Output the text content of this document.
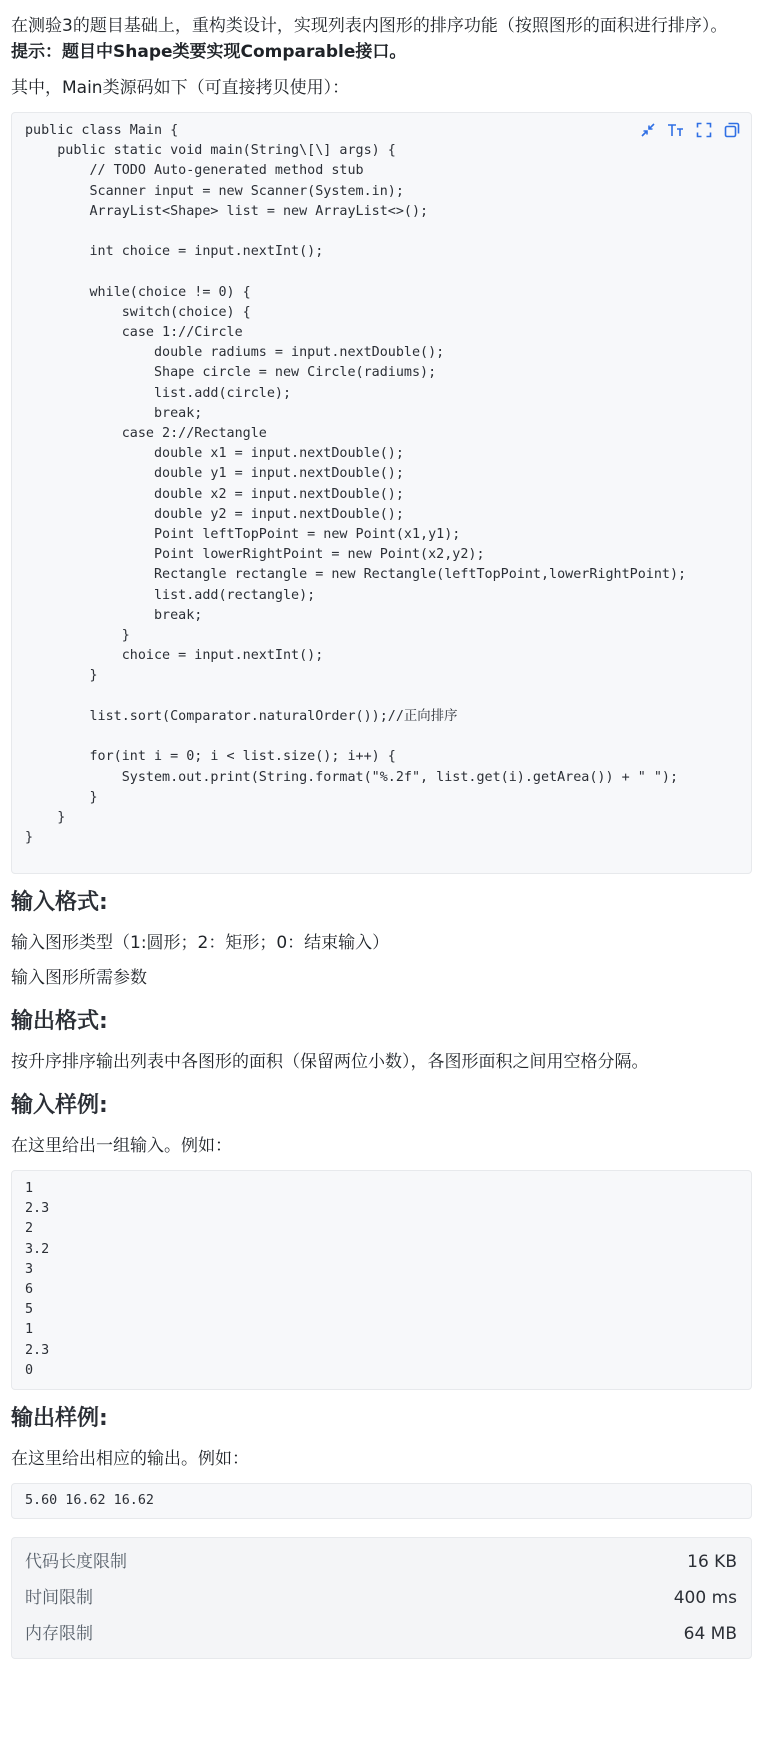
在测验3的题目基础上，重构类设计，实现列表内图形的排序功能（按照图形的面积进行排序）。

提示：题目中Shape类要实现Comparable接口。

其中，Main类源码如下（可直接拷贝使用）：

public class Main {
public static void main(String\[\] args) {
// TODO Auto-generated method stub
Scanner input = new Scanner(System.in);
ArrayList<Shape> list = new ArrayList<>();

int choice = input.nextInt();

while(choice != 0) {
switch(choice) {
case 1://Circle
double radiums = input.nextDouble();
Shape circle = new Circle(radiums);
list.add(circle);
break;
case 2://Rectangle
double x1 = input.nextDouble();
double y1 = input.nextDouble();
double x2 = input.nextDouble();
double y2 = input.nextDouble();
Point leftTopPoint = new Point(x1,y1);
Point lowerRightPoint = new Point(x2,y2);
Rectangle rectangle = new Rectangle(leftTopPoint,lowerRightPoint);
list.add(rectangle);
break;
}
choice = input.nextInt();
}

list.sort(Comparator.naturalOrder());//正向排序

for(int i = 0; i < list.size(); i++) {
System.out.print(String.format("%.2f", list.get(i).getArea()) + " ");
}
}
}
输入格式:

输入图形类型（1:圆形；2：矩形；0：结束输入）

输入图形所需参数

输出格式:

按升序排序输出列表中各图形的面积（保留两位小数），各图形面积之间用空格分隔。

输入样例:

在这里给出一组输入。例如：

1
2.3
2
3.2
3
6
5
1
2.3
0
输出样例:

在这里给出相应的输出。例如：

5.60 16.62 16.62
代码长度限制	16 KB
时间限制	400 ms
内存限制	64 MB
